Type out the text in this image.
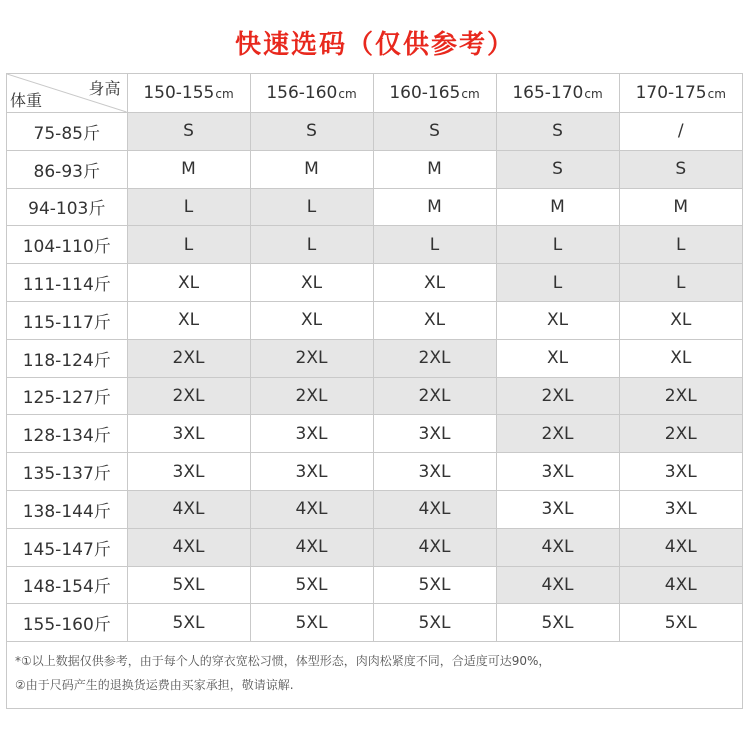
快速选码（仅供参考）
身高
体重	150-155cm	156-160cm	160-165cm	165-170cm	170-175cm
75-85斤	S	S	S	S	/
86-93斤	M	M	M	S	S
94-103斤	L	L	M	M	M
104-110斤	L	L	L	L	L
111-114斤	XL	XL	XL	L	L
115-117斤	XL	XL	XL	XL	XL
118-124斤	2XL	2XL	2XL	XL	XL
125-127斤	2XL	2XL	2XL	2XL	2XL
128-134斤	3XL	3XL	3XL	2XL	2XL
135-137斤	3XL	3XL	3XL	3XL	3XL
138-144斤	4XL	4XL	4XL	3XL	3XL
145-147斤	4XL	4XL	4XL	4XL	4XL
148-154斤	5XL	5XL	5XL	4XL	4XL
155-160斤	5XL	5XL	5XL	5XL	5XL
*①以上数据仅供参考，由于每个人的穿衣宽松习惯，体型形态，肉肉松紧度不同，合适度可达90%，
②由于尺码产生的退换货运费由买家承担，敬请谅解.
